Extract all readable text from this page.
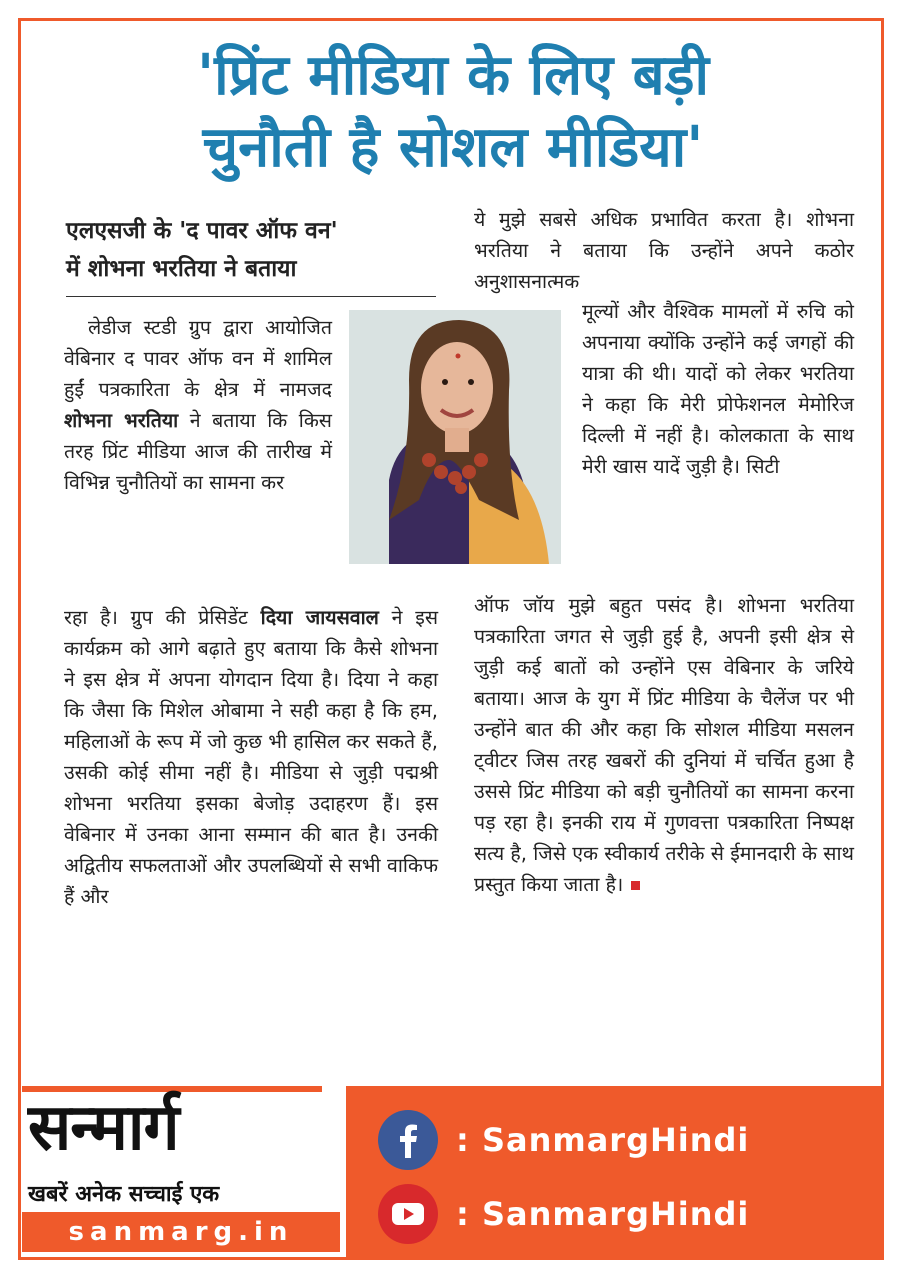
'प्रिंट मीडिया के लिए बड़ी
चुनौती है सोशल मीडिया'
एलएसजी के 'द पावर ऑफ वन'
में शोभना भरतिया ने बताया
लेडीज स्टडी ग्रुप द्वारा आयोजित वेबिनार द पावर ऑफ वन में शामिल हुईं पत्रकारिता के क्षेत्र में नामजद शोभना भरतिया ने बताया कि किस तरह प्रिंट मीडिया आज की तारीख में विभिन्न चुनौतियों का सामना कर
रहा है। ग्रुप की प्रेसिडेंट दिया जायसवाल ने इस कार्यक्रम को आगे बढ़ाते हुए बताया कि कैसे शोभना ने इस क्षेत्र में अपना योगदान दिया है। दिया ने कहा कि जैसा कि मिशेल ओबामा ने सही कहा है कि हम, महिलाओं के रूप में जो कुछ भी हासिल कर सकते हैं, उसकी कोई सीमा नहीं है। मीडिया से जुड़ी पद्मश्री शोभना भरतिया इसका बेजोड़ उदाहरण हैं। इस वेबिनार में उनका आना सम्मान की बात है। उनकी अद्वितीय सफलताओं और उपलब्धियों से सभी वाकिफ हैं और
ये मुझे सबसे अधिक प्रभावित करता है। शोभना भरतिया ने बताया कि उन्होंने अपने कठोर अनुशासनात्मक
मूल्यों और वैश्विक मामलों में रुचि को अपनाया क्योंकि उन्होंने कई जगहों की यात्रा की थी। यादों को लेकर भरतिया ने कहा कि मेरी प्रोफेशनल मेमोरिज दिल्ली में नहीं है। कोलकाता के साथ मेरी खास यादें जुड़ी है। सिटी
ऑफ जॉय मुझे बहुत पसंद है। शोभना भरतिया पत्रकारिता जगत से जुड़ी हुई है, अपनी इसी क्षेत्र से जुड़ी कई बातों को उन्होंने एस वेबिनार के जरिये बताया। आज के युग में प्रिंट मीडिया के चैलेंज पर भी उन्होंने बात की और कहा कि सोशल मीडिया मसलन ट्वीटर जिस तरह खबरों की दुनियां में चर्चित हुआ है उससे प्रिंट मीडिया को बड़ी चुनौतियों का सामना करना पड़ रहा है। इनकी राय में गुणवत्ता पत्रकारिता निष्पक्ष सत्य है, जिसे एक स्वीकार्य तरीके से ईमानदारी के साथ प्रस्तुत किया जाता है।
सन्मार्ग
खबरें अनेक सच्चाई एक
sanmarg.in
: SanmargHindi
: SanmargHindi
